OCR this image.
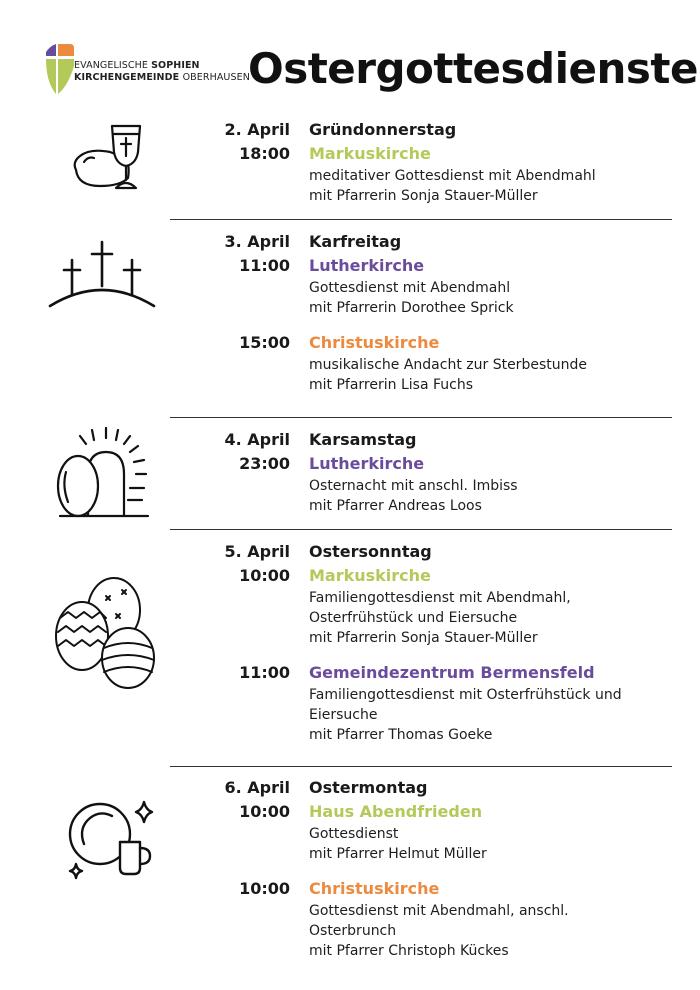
EVANGELISCHE SOPHIEN
KIRCHENGEMEINDE OBERHAUSEN
Ostergottesdienste
2. April
18:00
Gründonnerstag
Markuskirche
meditativer Gottesdienst mit Abendmahl
mit Pfarrerin Sonja Stauer-Müller
3. April
11:00
Karfreitag
Lutherkirche
Gottesdienst mit Abendmahl
mit Pfarrerin Dorothee Sprick
15:00 Christuskirche
musikalische Andacht zur Sterbestunde
mit Pfarrerin Lisa Fuchs
4. April
23:00
Karsamstag
Lutherkirche
Osternacht mit anschl. Imbiss
mit Pfarrer Andreas Loos
5. April
10:00
Ostersonntag
Markuskirche
Familiengottesdienst mit Abendmahl,
Osterfrühstück und Eiersuche
mit Pfarrerin Sonja Stauer-Müller
11:00 Gemeindezentrum Bermensfeld
Familiengottesdienst mit Osterfrühstück und
Eiersuche
mit Pfarrer Thomas Goeke
6. April
10:00
Ostermontag
Haus Abendfrieden
Gottesdienst
mit Pfarrer Helmut Müller
10:00 Christuskirche
Gottesdienst mit Abendmahl, anschl.
Osterbrunch
mit Pfarrer Christoph Kückes
